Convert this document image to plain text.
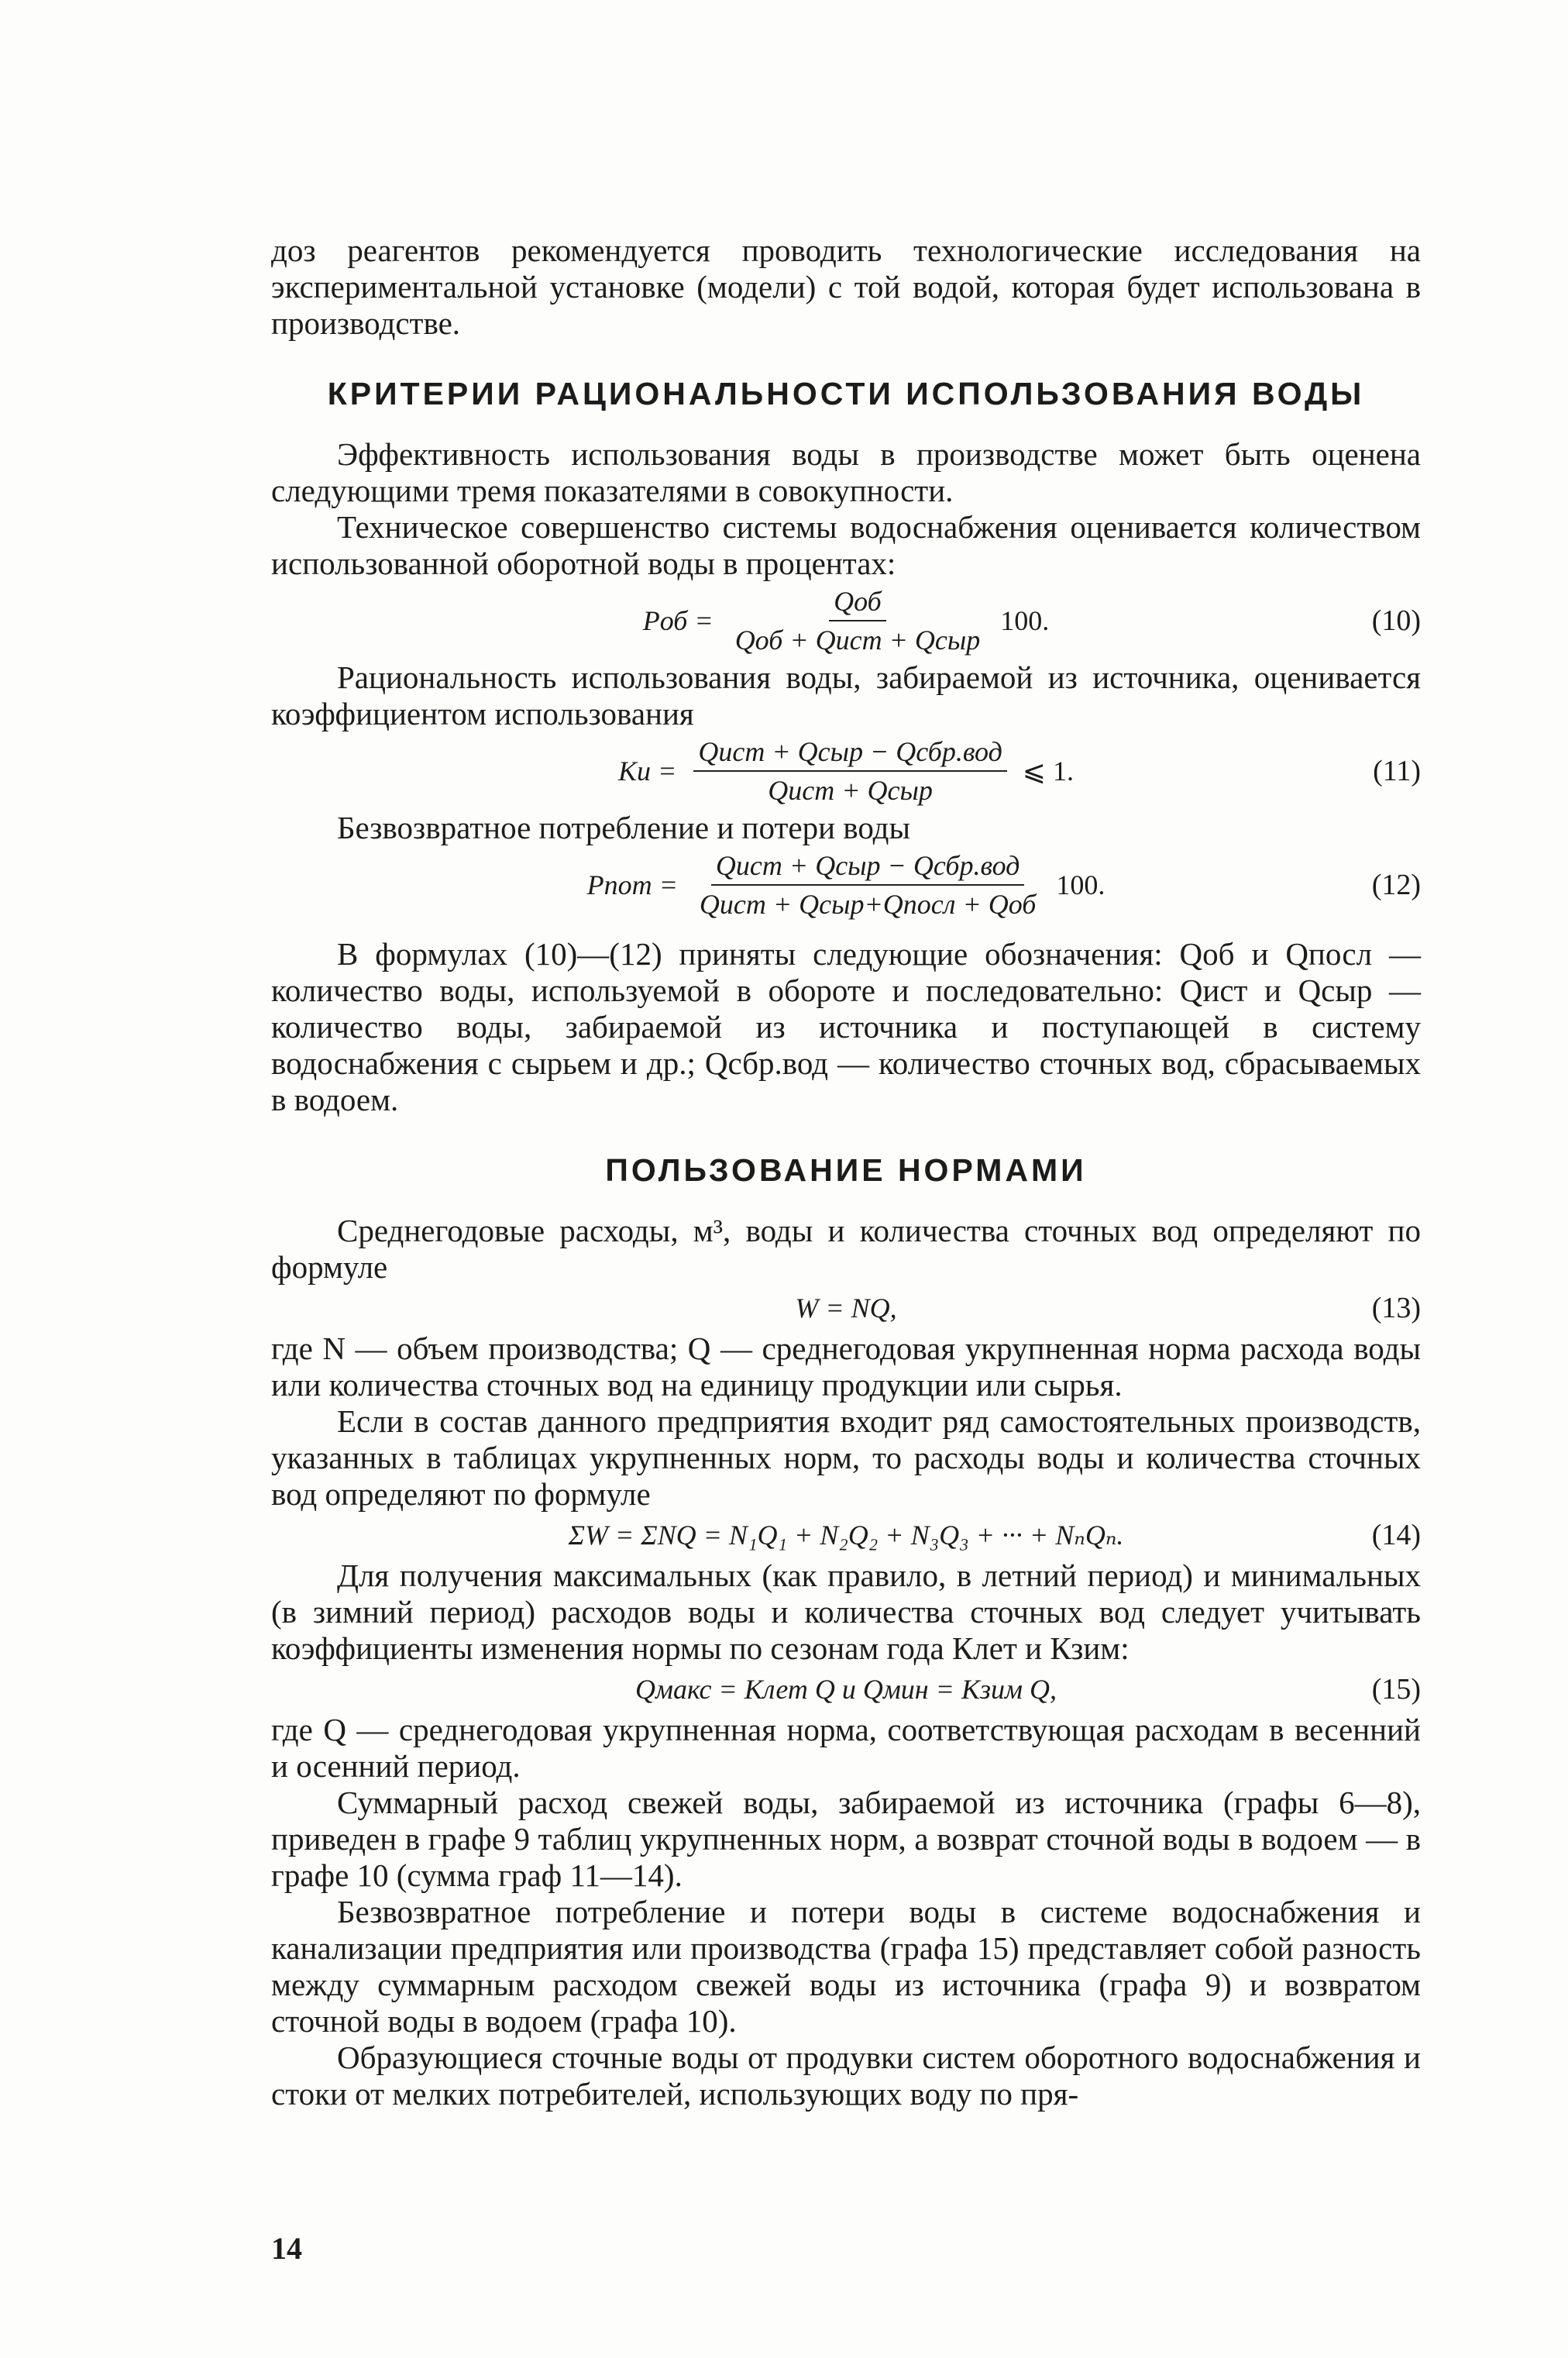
доз реагентов рекомендуется проводить технологические исследования на экспериментальной установке (модели) с той водой, которая будет использована в производстве.

КРИТЕРИИ РАЦИОНАЛЬНОСТИ ИСПОЛЬЗОВАНИЯ ВОДЫ

Эффективность использования воды в производстве может быть оценена следующими тремя показателями в совокупности.

Техническое совершенство системы водоснабжения оценивается количеством использованной оборотной воды в процентах:

Pоб = $\frac{\text{Qоб}}{\text{Qоб + Qист + Qсыр}} 100$.	(10)

Рациональность использования воды, забираемой из источника, оценивается коэффициентом использования

Kи = $\frac{\text{Qист + Qсыр − Qсбр.вод}}{\text{Qист + Qсыр}}$ ⩽ 1.	(11)

Безвозвратное потребление и потери воды

Pпот = $\frac{\text{Qист + Qсыр − Qсбр.вод}}{\text{Qист + Qсыр+Qпосл + Qоб}} 100$.	(12)

В формулах (10)—(12) приняты следующие обозначения: Qоб и Qпосл — количество воды, используемой в обороте и последовательно: Qист и Qсыр — количество воды, забираемой из источника и поступающей в систему водоснабжения с сырьем и др.; Qсбр.вод — количество сточных вод, сбрасываемых в водоем.

ПОЛЬЗОВАНИЕ НОРМАМИ

Среднегодовые расходы, м³, воды и количества сточных вод определяют по формуле

W = NQ,	(13)

где N — объем производства; Q — среднегодовая укрупненная норма расхода воды или количества сточных вод на единицу продукции или сырья.

Если в состав данного предприятия входит ряд самостоятельных производств, указанных в таблицах укрупненных норм, то расходы воды и количества сточных вод определяют по формуле

ΣW = ΣNQ = N₁Q₁ + N₂Q₂ + N₃Q₃ + ··· + NₙQₙ.	(14)

Для получения максимальных (как правило, в летний период) и минимальных (в зимний период) расходов воды и количества сточных вод следует учитывать коэффициенты изменения нормы по сезонам года Клет и Кзим:

Qмакс = Kлет Q и Qмин = Kзим Q,	(15)

где Q — среднегодовая укрупненная норма, соответствующая расходам в весенний и осенний период.

Суммарный расход свежей воды, забираемой из источника (графы 6—8), приведен в графе 9 таблиц укрупненных норм, а возврат сточной воды в водоем — в графе 10 (сумма граф 11—14).

Безвозвратное потребление и потери воды в системе водоснабжения и канализации предприятия или производства (графа 15) представляет собой разность между суммарным расходом свежей воды из источника (графа 9) и возвратом сточной воды в водоем (графа 10).

Образующиеся сточные воды от продувки систем оборотного водоснабжения и стоки от мелких потребителей, использующих воду по пря-

14
